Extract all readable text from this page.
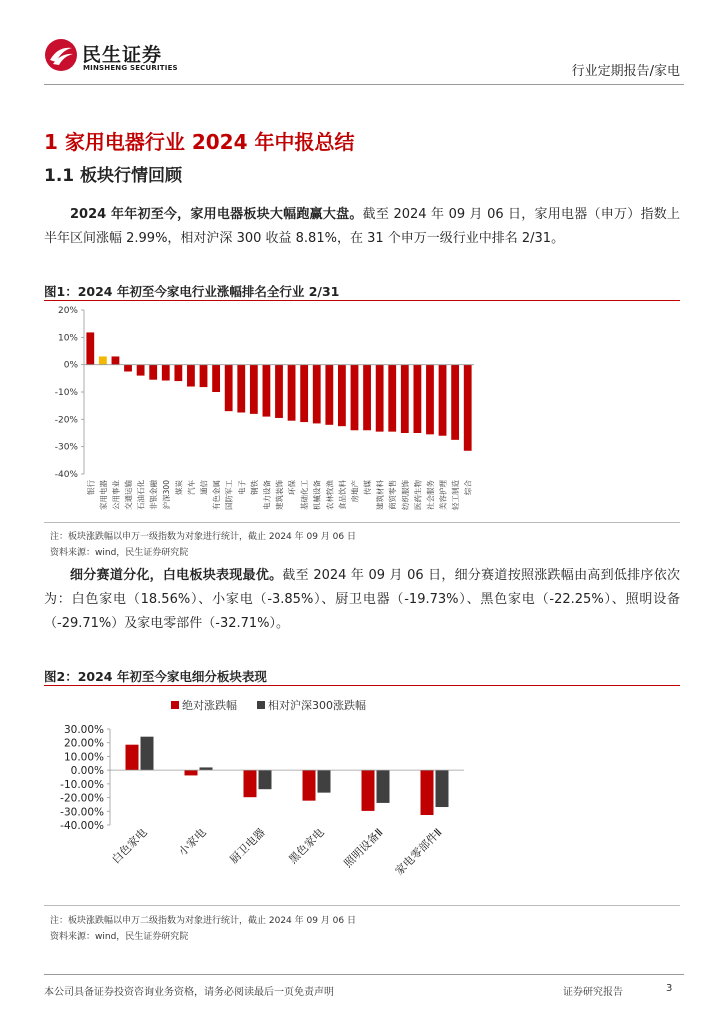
民生证券
MINSHENG SECURITIES	行业定期报告/家电
1 家用电器行业 2024 年中报总结
1.1 板块行情回顾

2024 年年初至今，家用电器板块大幅跑赢大盘。截至 2024 年 09 月 06 日，家用电器（申万）指数上半年区间涨幅 2.99%，相对沪深 300 收益 8.81%，在 31 个申万一级行业中排名 2/31。

图1：2024 年初至今家电行业涨幅排名全行业 2/31
20%
10%
0%
-10%
-20%
-30%
-40%
银行 家用电器 公用事业 交通运输 石油石化 非银金融 沪深300 煤炭 汽车 通信 有色金属 国防军工 电子 钢铁 电力设备 建筑装饰 环保 基础化工 机械设备 农林牧渔 食品饮料 房地产 传媒 建筑材料 商贸零售 纺织服饰 医药生物 社会服务 美容护理 轻工制造 综合
注：板块涨跌幅以申万一级指数为对象进行统计，截止 2024 年 09 月 06 日
资料来源：wind，民生证券研究院

细分赛道分化，白电板块表现最优。截至 2024 年 09 月 06 日，细分赛道按照涨跌幅由高到低排序依次为：白色家电（18.56%）、小家电（-3.85%）、厨卫电器（-19.73%）、黑色家电（-22.25%）、照明设备（-29.71%）及家电零部件（-32.71%）。

图2：2024 年初至今家电细分板块表现
绝对涨跌幅	相对沪深300涨跌幅
30.00%
20.00%
10.00%
0.00%
-10.00%
-20.00%
-30.00%
-40.00% 白色家电 小家电 厨卫电器 黑色家电 照明设备Ⅱ 家电零部件Ⅱ
注：板块涨跌幅以申万二级指数为对象进行统计，截止 2024 年 09 月 06 日
资料来源：wind，民生证券研究院
本公司具备证券投资咨询业务资格，请务必阅读最后一页免责声明	证券研究报告	3
